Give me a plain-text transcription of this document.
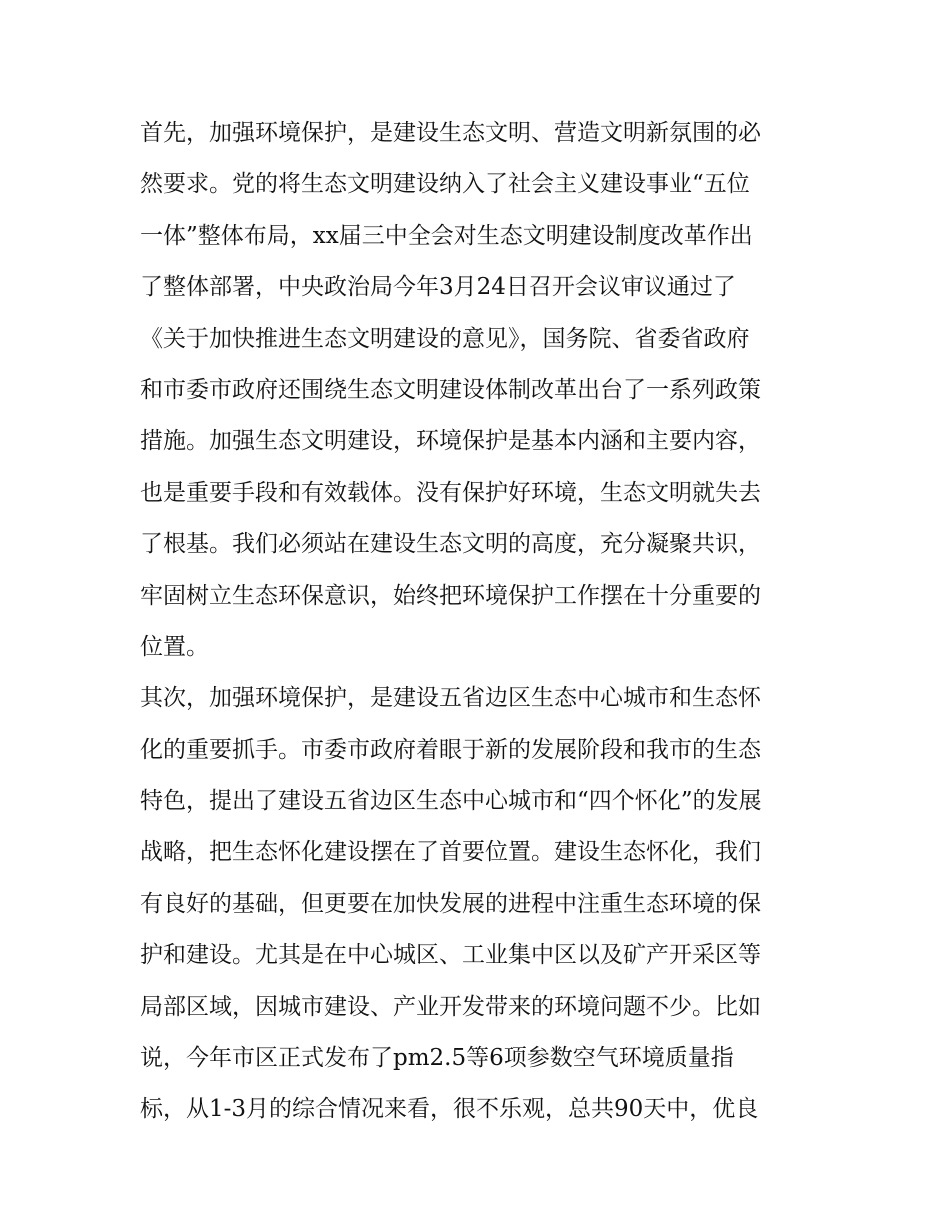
首先，加强环境保护，是建设生态文明、营造文明新氛围的必
然要求。党的将生态文明建设纳入了社会主义建设事业“五位
一体”整体布局，xx届三中全会对生态文明建设制度改革作出
了整体部署，中央政治局今年3月24日召开会议审议通过了
《关于加快推进生态文明建设的意见》，国务院、省委省政府
和市委市政府还围绕生态文明建设体制改革出台了一系列政策
措施。加强生态文明建设，环境保护是基本内涵和主要内容，
也是重要手段和有效载体。没有保护好环境，生态文明就失去
了根基。我们必须站在建设生态文明的高度，充分凝聚共识，
牢固树立生态环保意识，始终把环境保护工作摆在十分重要的
位置。
其次，加强环境保护，是建设五省边区生态中心城市和生态怀
化的重要抓手。市委市政府着眼于新的发展阶段和我市的生态
特色，提出了建设五省边区生态中心城市和“四个怀化”的发展
战略，把生态怀化建设摆在了首要位置。建设生态怀化，我们
有良好的基础，但更要在加快发展的进程中注重生态环境的保
护和建设。尤其是在中心城区、工业集中区以及矿产开采区等
局部区域，因城市建设、产业开发带来的环境问题不少。比如
说，今年市区正式发布了pm2.5等6项参数空气环境质量指
标，从1-3月的综合情况来看，很不乐观，总共90天中，优良
